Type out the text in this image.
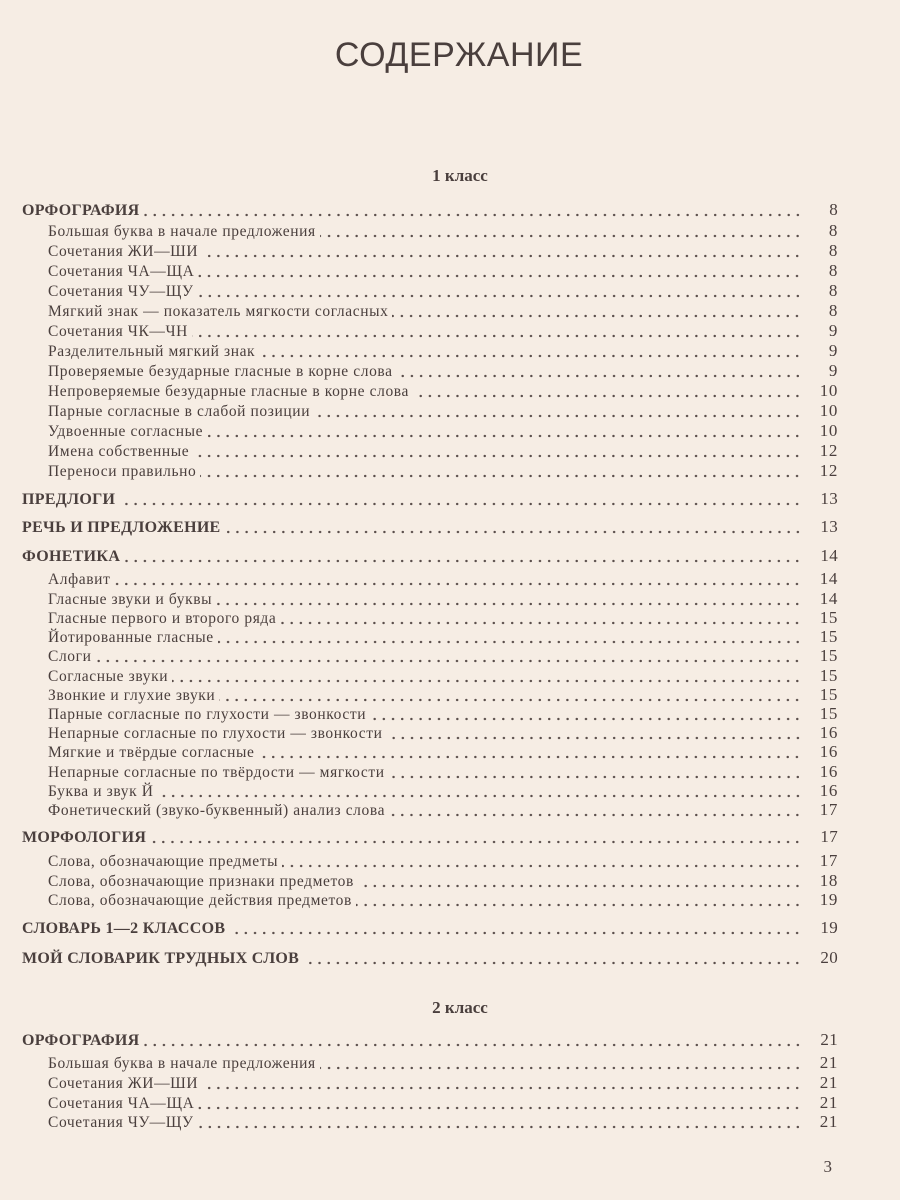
СОДЕРЖАНИЕ
1 класс
ОРФОГРАФИЯ	8
Большая буква в начале предложения	8
Сочетания ЖИ—ШИ	8
Сочетания ЧА—ЩА	8
Сочетания ЧУ—ЩУ	8
Мягкий знак — показатель мягкости согласных	8
Сочетания ЧК—ЧН	9
Разделительный мягкий знак	9
Проверяемые безударные гласные в корне слова	9
Непроверяемые безударные гласные в корне слова	10
Парные согласные в слабой позиции	10
Удвоенные согласные	10
Имена собственные	12
Переноси правильно	12
ПРЕДЛОГИ	13
РЕЧЬ И ПРЕДЛОЖЕНИЕ	13
ФОНЕТИКА	14
Алфавит	14
Гласные звуки и буквы	14
Гласные первого и второго ряда	15
Йотированные гласные	15
Слоги	15
Согласные звуки	15
Звонкие и глухие звуки	15
Парные согласные по глухости — звонкости	15
Непарные согласные по глухости — звонкости	16
Мягкие и твёрдые согласные	16
Непарные согласные по твёрдости — мягкости	16
Буква и звук Й	16
Фонетический (звуко-буквенный) анализ слова	17
МОРФОЛОГИЯ	17
Слова, обозначающие предметы	17
Слова, обозначающие признаки предметов	18
Слова, обозначающие действия предметов	19
СЛОВАРЬ 1—2 КЛАССОВ	19
МОЙ СЛОВАРИК ТРУДНЫХ СЛОВ	20
2 класс
ОРФОГРАФИЯ	21
Большая буква в начале предложения	21
Сочетания ЖИ—ШИ	21
Сочетания ЧА—ЩА	21
Сочетания ЧУ—ЩУ	21
3
